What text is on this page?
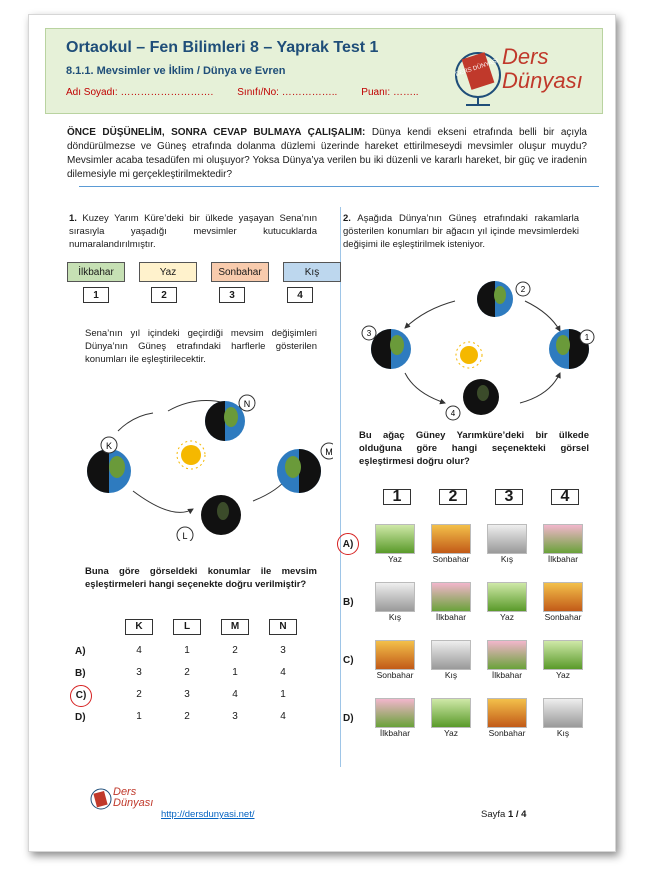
Ortaokul – Fen Bilimleri 8 – Yaprak Test 1
8.1.1. Mevsimler ve İklim / Dünya ve Evren
Adı Soyadı: ………………………. Sınıfı/No: …………….. Puanı: ……..
DERS DÜNYASI Ders
Dünyası
ÖNCE DÜŞÜNELİM, SONRA CEVAP BULMAYA ÇALIŞALIM: Dünya kendi ekseni etrafında belli bir açıyla döndürülmezse ve Güneş etrafında dolanma düzlemi üzerinde hareket ettirilmeseydi mevsimler oluşur muydu? Mevsimler acaba tesadüfen mi oluşuyor? Yoksa Dünya’ya verilen bu iki düzenli ve kararlı hareket, bir güç ve iradenin dilemesiyle mi gerçekleştirilmektedir?
1. Kuzey Yarım Küre’deki bir ülkede yaşayan Sena’nın sırasıyla yaşadığı mevsimler kutucuklarda numaralandırılmıştır.
İlkbahar	Yaz	Sonbahar	Kış
1	2	3	4
Sena’nın yıl içindeki geçirdiği mevsim değişimleri Dünya’nın Güneş etrafındaki harflerle gösterilen konumları ile eşleştirilecektir.
N
K
M
L
Buna göre görseldeki konumlar ile mevsim eşleştirmeleri hangi seçenekte doğru verilmiştir?
K	L	M	N
A)	4	1	2	3
B)	3	2	1	4
C)	2	3	4	1
D)	1	2	3	4
2. Aşağıda Dünya’nın Güneş etrafındaki rakamlarla gösterilen konumları bir ağacın yıl içinde mevsimlerdeki değişimi ile eşleştirilmek isteniyor.
2
3	1
4
Bu ağaç Güney Yarımküre’deki bir ülkede olduğuna göre hangi seçenekteki görsel eşleştirmesi doğru olur?
1	2	3	4
A)
Yaz	Sonbahar	Kış	İlkbahar
B)
Kış	İlkbahar	Yaz	Sonbahar
C)
Sonbahar	Kış	İlkbahar	Yaz
D)
İlkbahar	Yaz	Sonbahar	Kış
Ders
Dünyası
http://dersdunyasi.net/	Sayfa 1 / 4
